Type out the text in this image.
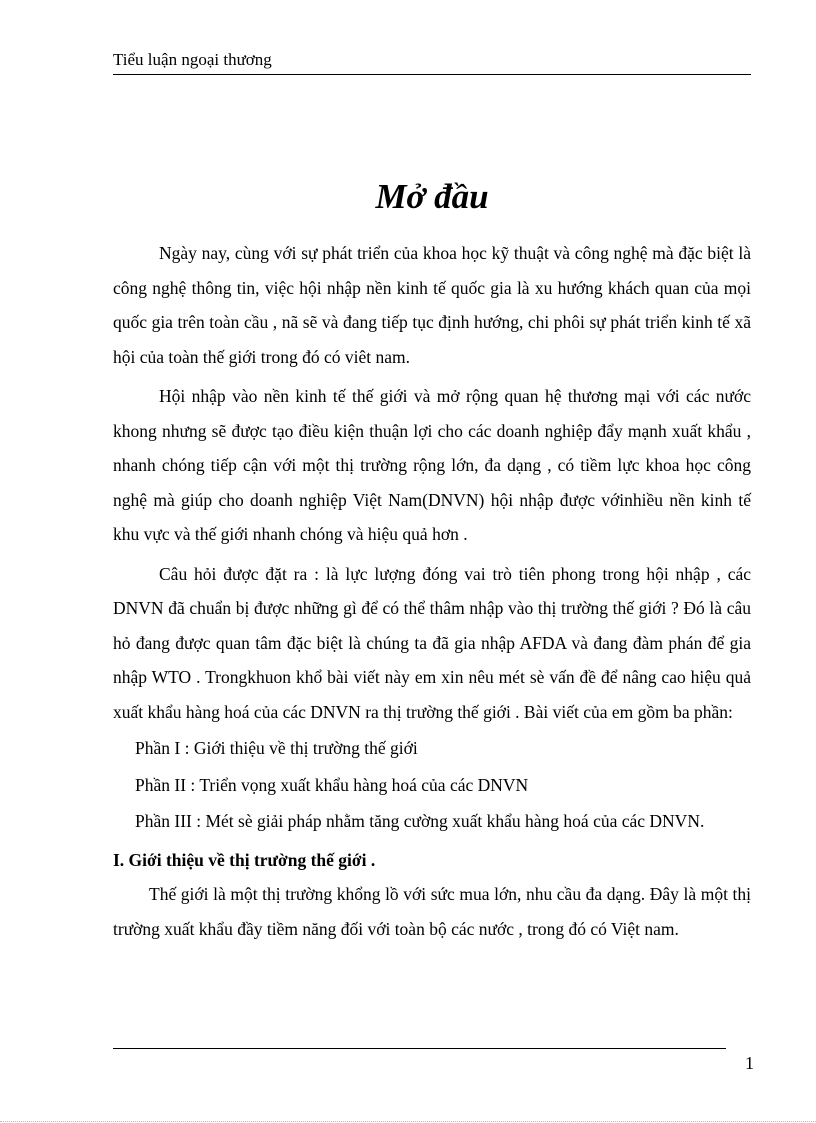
Tiểu luận ngoại thương
Mở đầu

Ngày nay, cùng với sự phát triển của khoa học kỹ thuật và công nghệ mà đặc biệt là công nghệ thông tin, việc hội nhập nền kinh tế quốc gia là xu hướng khách quan của mọi quốc gia trên toàn cầu , nã sẽ và đang tiếp tục định hướng, chi phôi sự phát triển kinh tế xã hội của toàn thế giới trong đó có viêt nam.

Hội nhập vào nền kinh tế thế giới và mở rộng quan hệ thương mại với các nước khong nhưng sẽ được tạo điều kiện thuận lợi cho các doanh nghiệp đẩy mạnh xuất khẩu , nhanh chóng tiếp cận với một thị trường rộng lớn, đa dạng , có tiềm lực khoa học công nghệ mà giúp cho doanh nghiệp Việt Nam(DNVN) hội nhập được vớinhiều nền kinh tế khu vực và thế giới nhanh chóng và hiệu quả hơn .

Câu hỏi được đặt ra : là lực lượng đóng vai trò tiên phong trong hội nhập , các DNVN đã chuẩn bị được những gì để có thể thâm nhập vào thị trường thế giới ? Đó là câu hỏ đang được quan tâm đặc biệt là chúng ta đã gia nhập AFDA và đang đàm phán để gia nhập WTO . Trongkhuon khổ bài viết này em xin nêu mét sè vấn đề để nâng cao hiệu quả xuất khẩu hàng hoá của các DNVN ra thị trường thế giới . Bài viết của em gồm ba phần:

Phần I : Giới thiệu về thị trường thế giới

Phần II : Triển vọng xuất khẩu hàng hoá của các DNVN

Phần III : Mét sè giải pháp nhằm tăng cường xuất khẩu hàng hoá của các DNVN.

I. Giới thiệu về thị trường thế giới .

Thế giới là một thị trường khổng lồ với sức mua lớn, nhu cầu đa dạng. Đây là một thị trường xuất khẩu đầy tiềm năng đối với toàn bộ các nước , trong đó có Việt nam.

1
